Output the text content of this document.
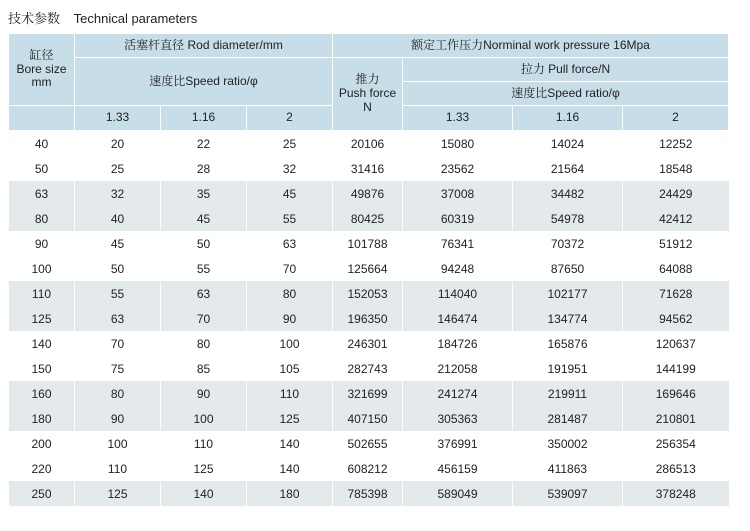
技术参数 Technical parameters
缸径
Bore size
mm	活塞杆直径 Rod diameter/mm			额定工作压力Norminal work pressure 16Mpa			
	速度比Speed ratio/φ			推力
Push force
N	拉力 Pull force/N		
					速度比Speed ratio/φ		
	1.33	1.16	2		1.33	1.16	2
40	20	22	25	20106	15080	14024	12252
50	25	28	32	31416	23562	21564	18548
63	32	35	45	49876	37008	34482	24429
80	40	45	55	80425	60319	54978	42412
90	45	50	63	101788	76341	70372	51912
100	50	55	70	125664	94248	87650	64088
110	55	63	80	152053	114040	102177	71628
125	63	70	90	196350	146474	134774	94562
140	70	80	100	246301	184726	165876	120637
150	75	85	105	282743	212058	191951	144199
160	80	90	110	321699	241274	219911	169646
180	90	100	125	407150	305363	281487	210801
200	100	110	140	502655	376991	350002	256354
220	110	125	140	608212	456159	411863	286513
250	125	140	180	785398	589049	539097	378248
